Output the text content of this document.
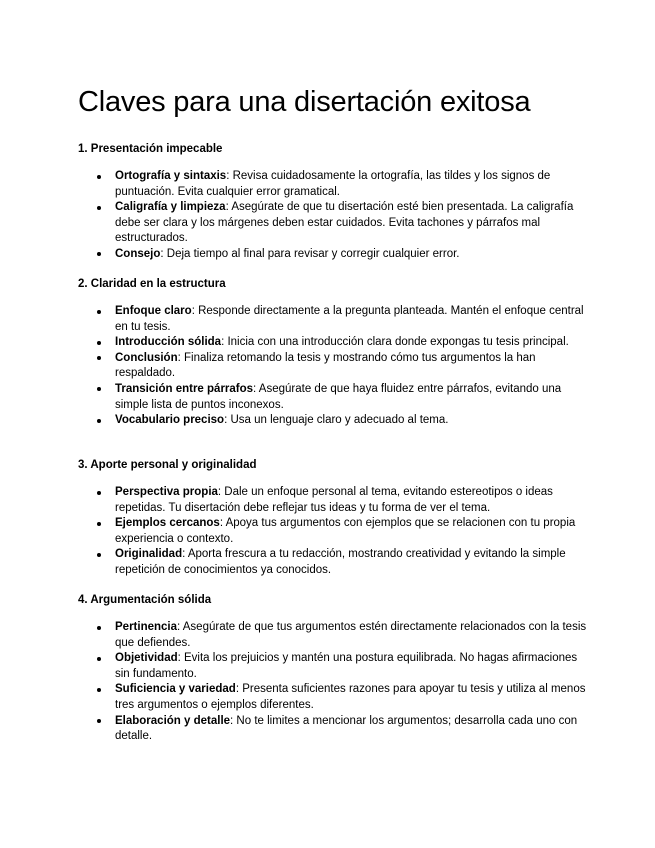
Claves para una disertación exitosa
1. Presentación impecable
Ortografía y sintaxis: Revisa cuidadosamente la ortografía, las tildes y los signos de puntuación. Evita cualquier error gramatical.
Caligrafía y limpieza: Asegúrate de que tu disertación esté bien presentada. La caligrafía debe ser clara y los márgenes deben estar cuidados. Evita tachones y párrafos mal estructurados.
Consejo: Deja tiempo al final para revisar y corregir cualquier error.
2. Claridad en la estructura
Enfoque claro: Responde directamente a la pregunta planteada. Mantén el enfoque central en tu tesis.
Introducción sólida: Inicia con una introducción clara donde expongas tu tesis principal.
Conclusión: Finaliza retomando la tesis y mostrando cómo tus argumentos la han respaldado.
Transición entre párrafos: Asegúrate de que haya fluidez entre párrafos, evitando una simple lista de puntos inconexos.
Vocabulario preciso: Usa un lenguaje claro y adecuado al tema.
3. Aporte personal y originalidad
Perspectiva propia: Dale un enfoque personal al tema, evitando estereotipos o ideas repetidas. Tu disertación debe reflejar tus ideas y tu forma de ver el tema.
Ejemplos cercanos: Apoya tus argumentos con ejemplos que se relacionen con tu propia experiencia o contexto.
Originalidad: Aporta frescura a tu redacción, mostrando creatividad y evitando la simple repetición de conocimientos ya conocidos.
4. Argumentación sólida
Pertinencia: Asegúrate de que tus argumentos estén directamente relacionados con la tesis que defiendes.
Objetividad: Evita los prejuicios y mantén una postura equilibrada. No hagas afirmaciones sin fundamento.
Suficiencia y variedad: Presenta suficientes razones para apoyar tu tesis y utiliza al menos tres argumentos o ejemplos diferentes.
Elaboración y detalle: No te limites a mencionar los argumentos; desarrolla cada uno con detalle.
